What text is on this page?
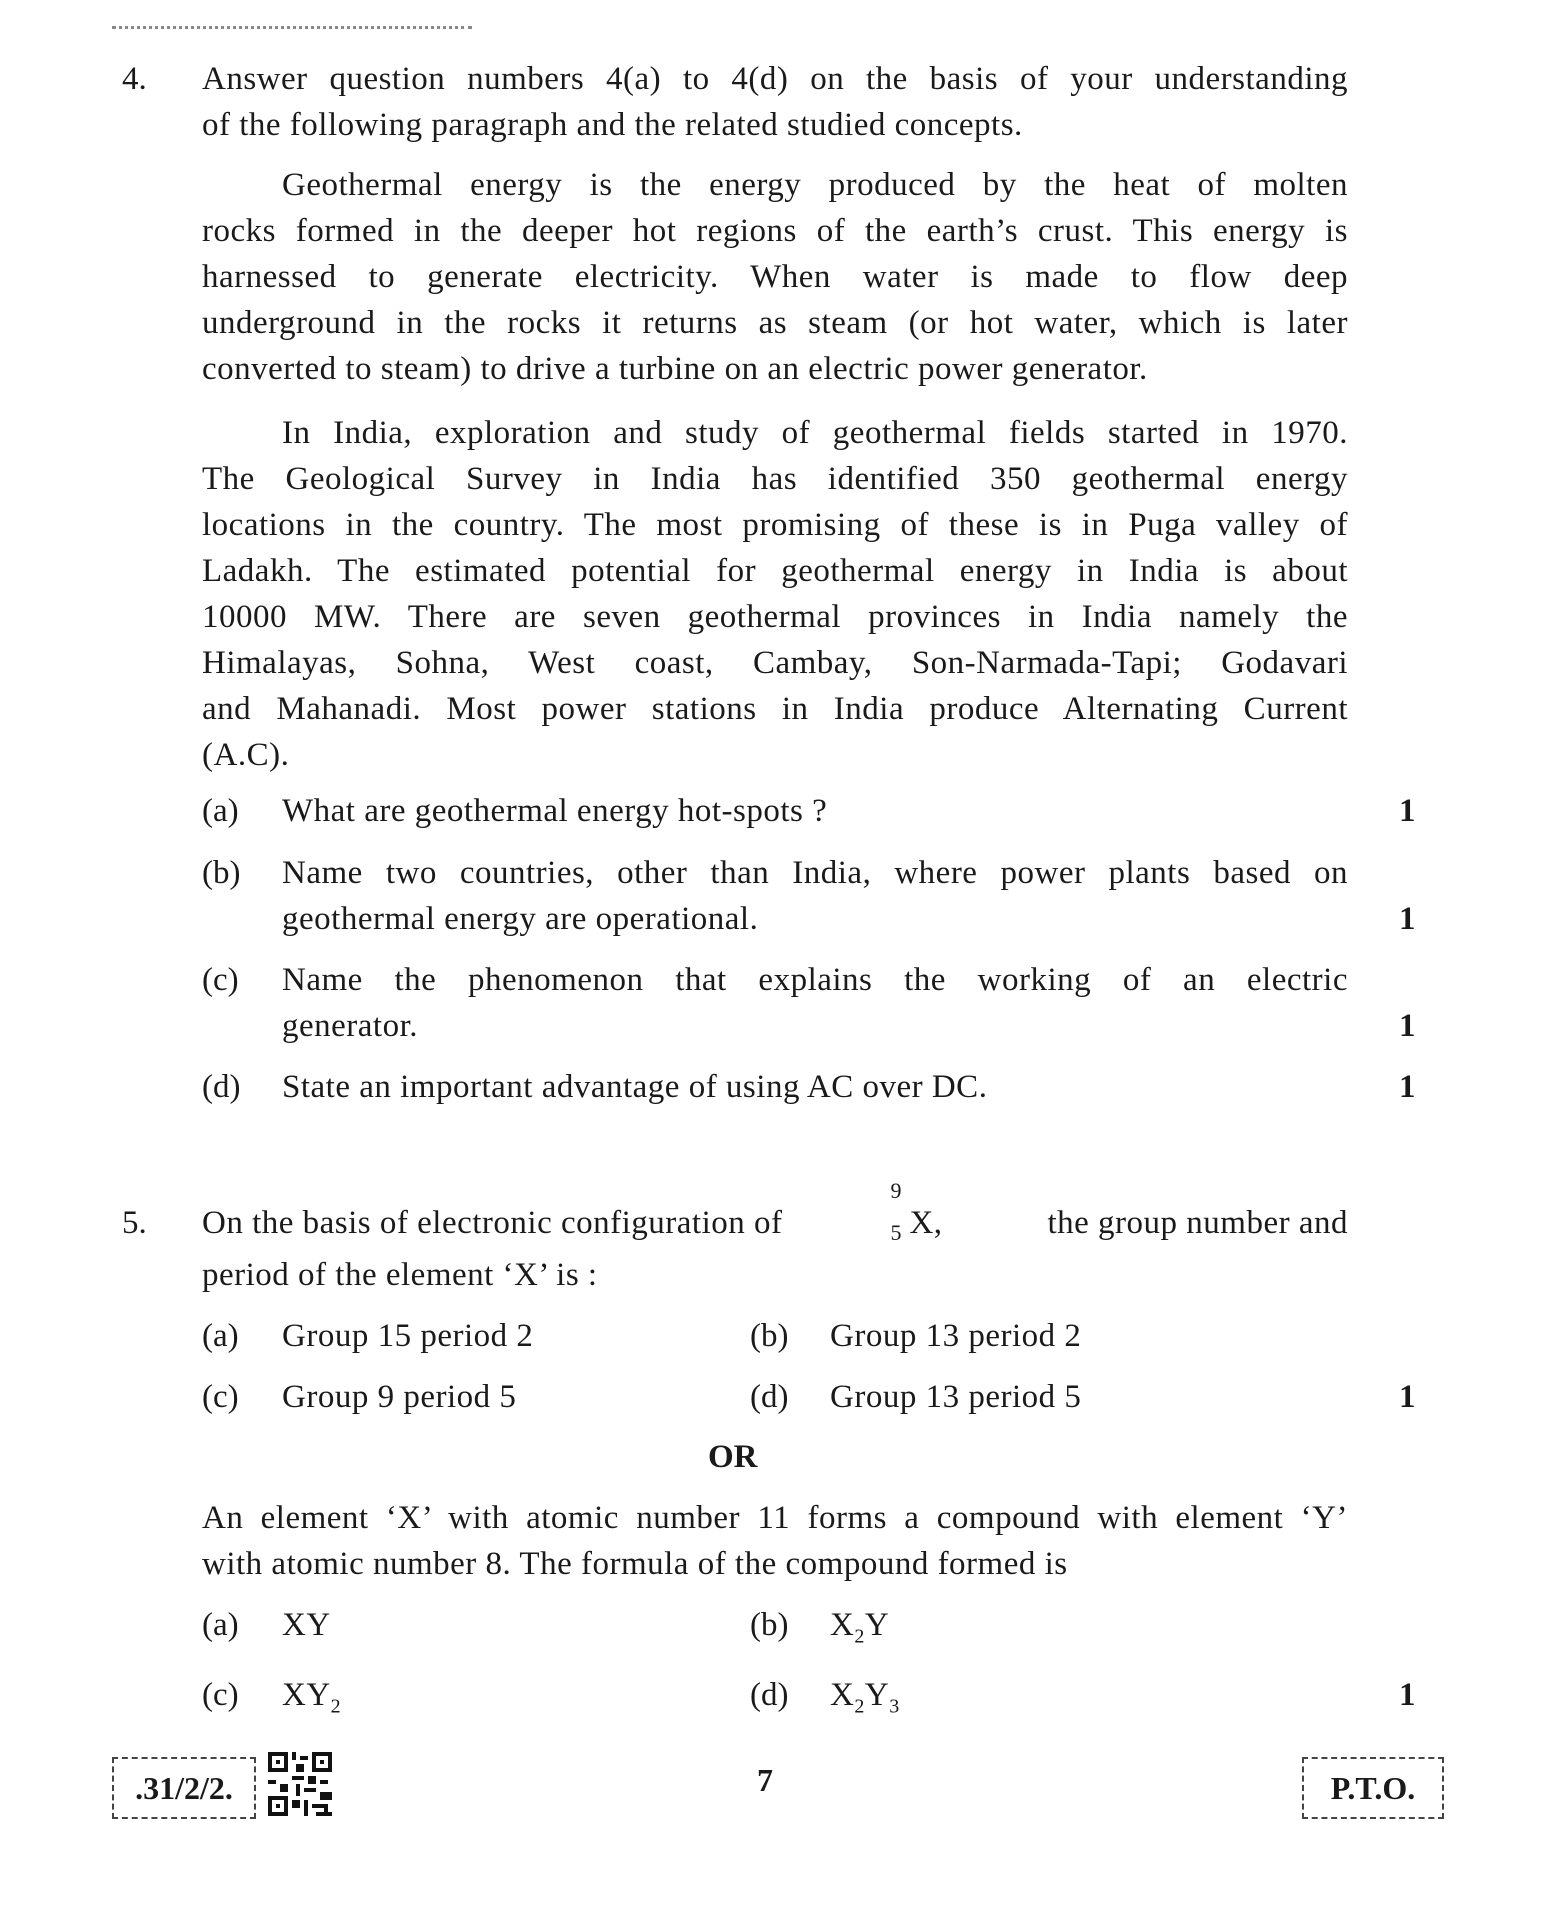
4. Answer question numbers 4(a) to 4(d) on the basis of your understanding
of the following paragraph and the related studied concepts.
Geothermal energy is the energy produced by the heat of molten
rocks formed in the deeper hot regions of the earth’s crust. This energy is
harnessed to generate electricity. When water is made to flow deep
underground in the rocks it returns as steam (or hot water, which is later
converted to steam) to drive a turbine on an electric power generator.
In India, exploration and study of geothermal fields started in 1970.
The Geological Survey in India has identified 350 geothermal energy
locations in the country. The most promising of these is in Puga valley of
Ladakh. The estimated potential for geothermal energy in India is about
10000 MW. There are seven geothermal provinces in India namely the
Himalayas, Sohna, West coast, Cambay, Son-Narmada-Tapi; Godavari
and Mahanadi. Most power stations in India produce Alternating Current
(A.C).
(a) What are geothermal energy hot-spots ?	1
(b) Name two countries, other than India, where power plants based on
geothermal energy are operational.	1
(c) Name the phenomenon that explains the working of an electric
generator.	1
(d) State an important advantage of using AC over DC.	1
5. On the basis of electronic configuration of
9
5 X,	the group number and
period of the element ‘X’ is :
(a) Group 15 period 2	(b) Group 13 period 2
(c) Group 9 period 5	(d) Group 13 period 5	1
OR
An element ‘X’ with atomic number 11 forms a compound with element ‘Y’
with atomic number 8. The formula of the compound formed is
(a) XY	(b) $X_2Y$
(c) $XY_2$	(d) $X_2Y_3$	1
.31/2/2.	7	P.T.O.
